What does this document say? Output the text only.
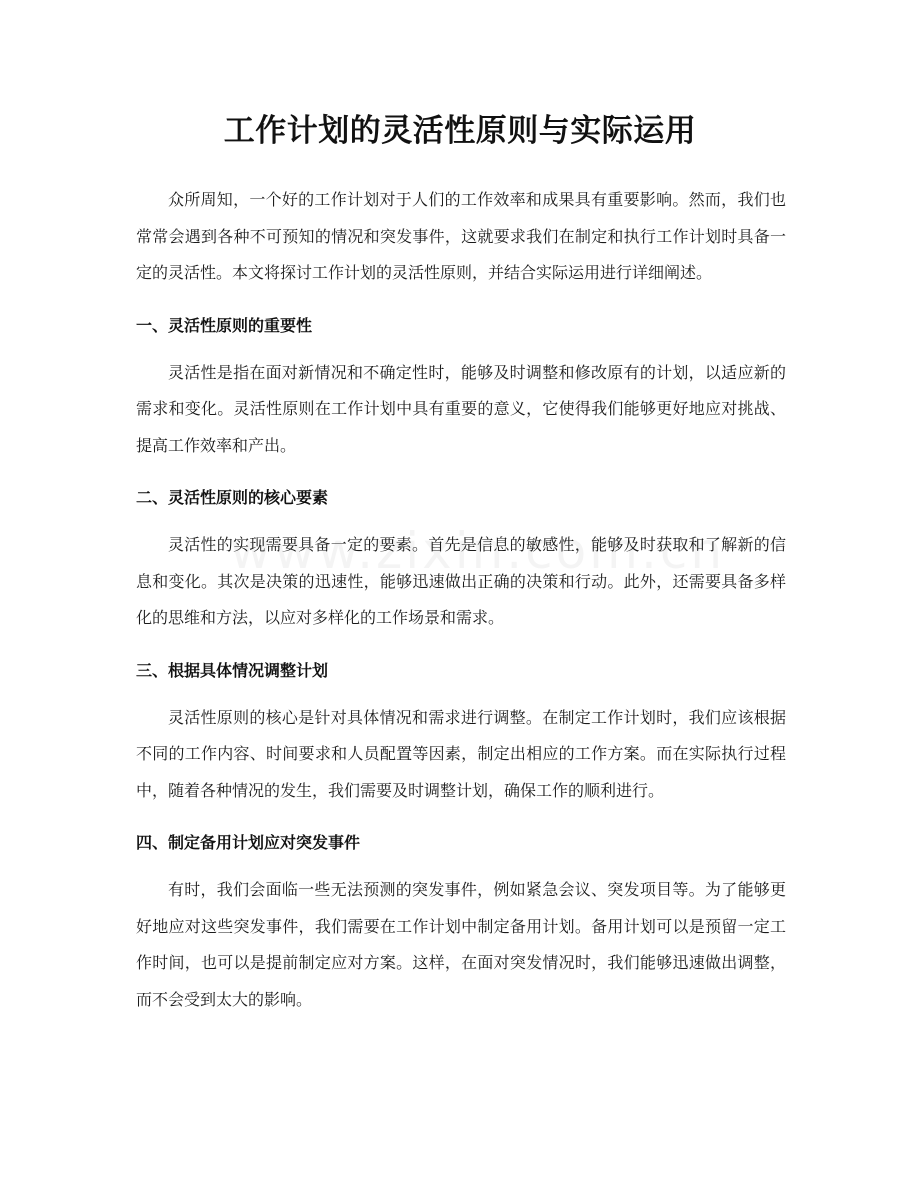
工作计划的灵活性原则与实际运用

众所周知，一个好的工作计划对于人们的工作效率和成果具有重要影响。然而，我们也常常会遇到各种不可预知的情况和突发事件，这就要求我们在制定和执行工作计划时具备一定的灵活性。本文将探讨工作计划的灵活性原则，并结合实际运用进行详细阐述。

一、灵活性原则的重要性

灵活性是指在面对新情况和不确定性时，能够及时调整和修改原有的计划，以适应新的需求和变化。灵活性原则在工作计划中具有重要的意义，它使得我们能够更好地应对挑战、提高工作效率和产出。

二、灵活性原则的核心要素

灵活性的实现需要具备一定的要素。首先是信息的敏感性，能够及时获取和了解新的信息和变化。其次是决策的迅速性，能够迅速做出正确的决策和行动。此外，还需要具备多样化的思维和方法，以应对多样化的工作场景和需求。

三、根据具体情况调整计划

灵活性原则的核心是针对具体情况和需求进行调整。在制定工作计划时，我们应该根据不同的工作内容、时间要求和人员配置等因素，制定出相应的工作方案。而在实际执行过程中，随着各种情况的发生，我们需要及时调整计划，确保工作的顺利进行。

四、制定备用计划应对突发事件

有时，我们会面临一些无法预测的突发事件，例如紧急会议、突发项目等。为了能够更好地应对这些突发事件，我们需要在工作计划中制定备用计划。备用计划可以是预留一定工作时间，也可以是提前制定应对方案。这样，在面对突发情况时，我们能够迅速做出调整，而不会受到太大的影响。
